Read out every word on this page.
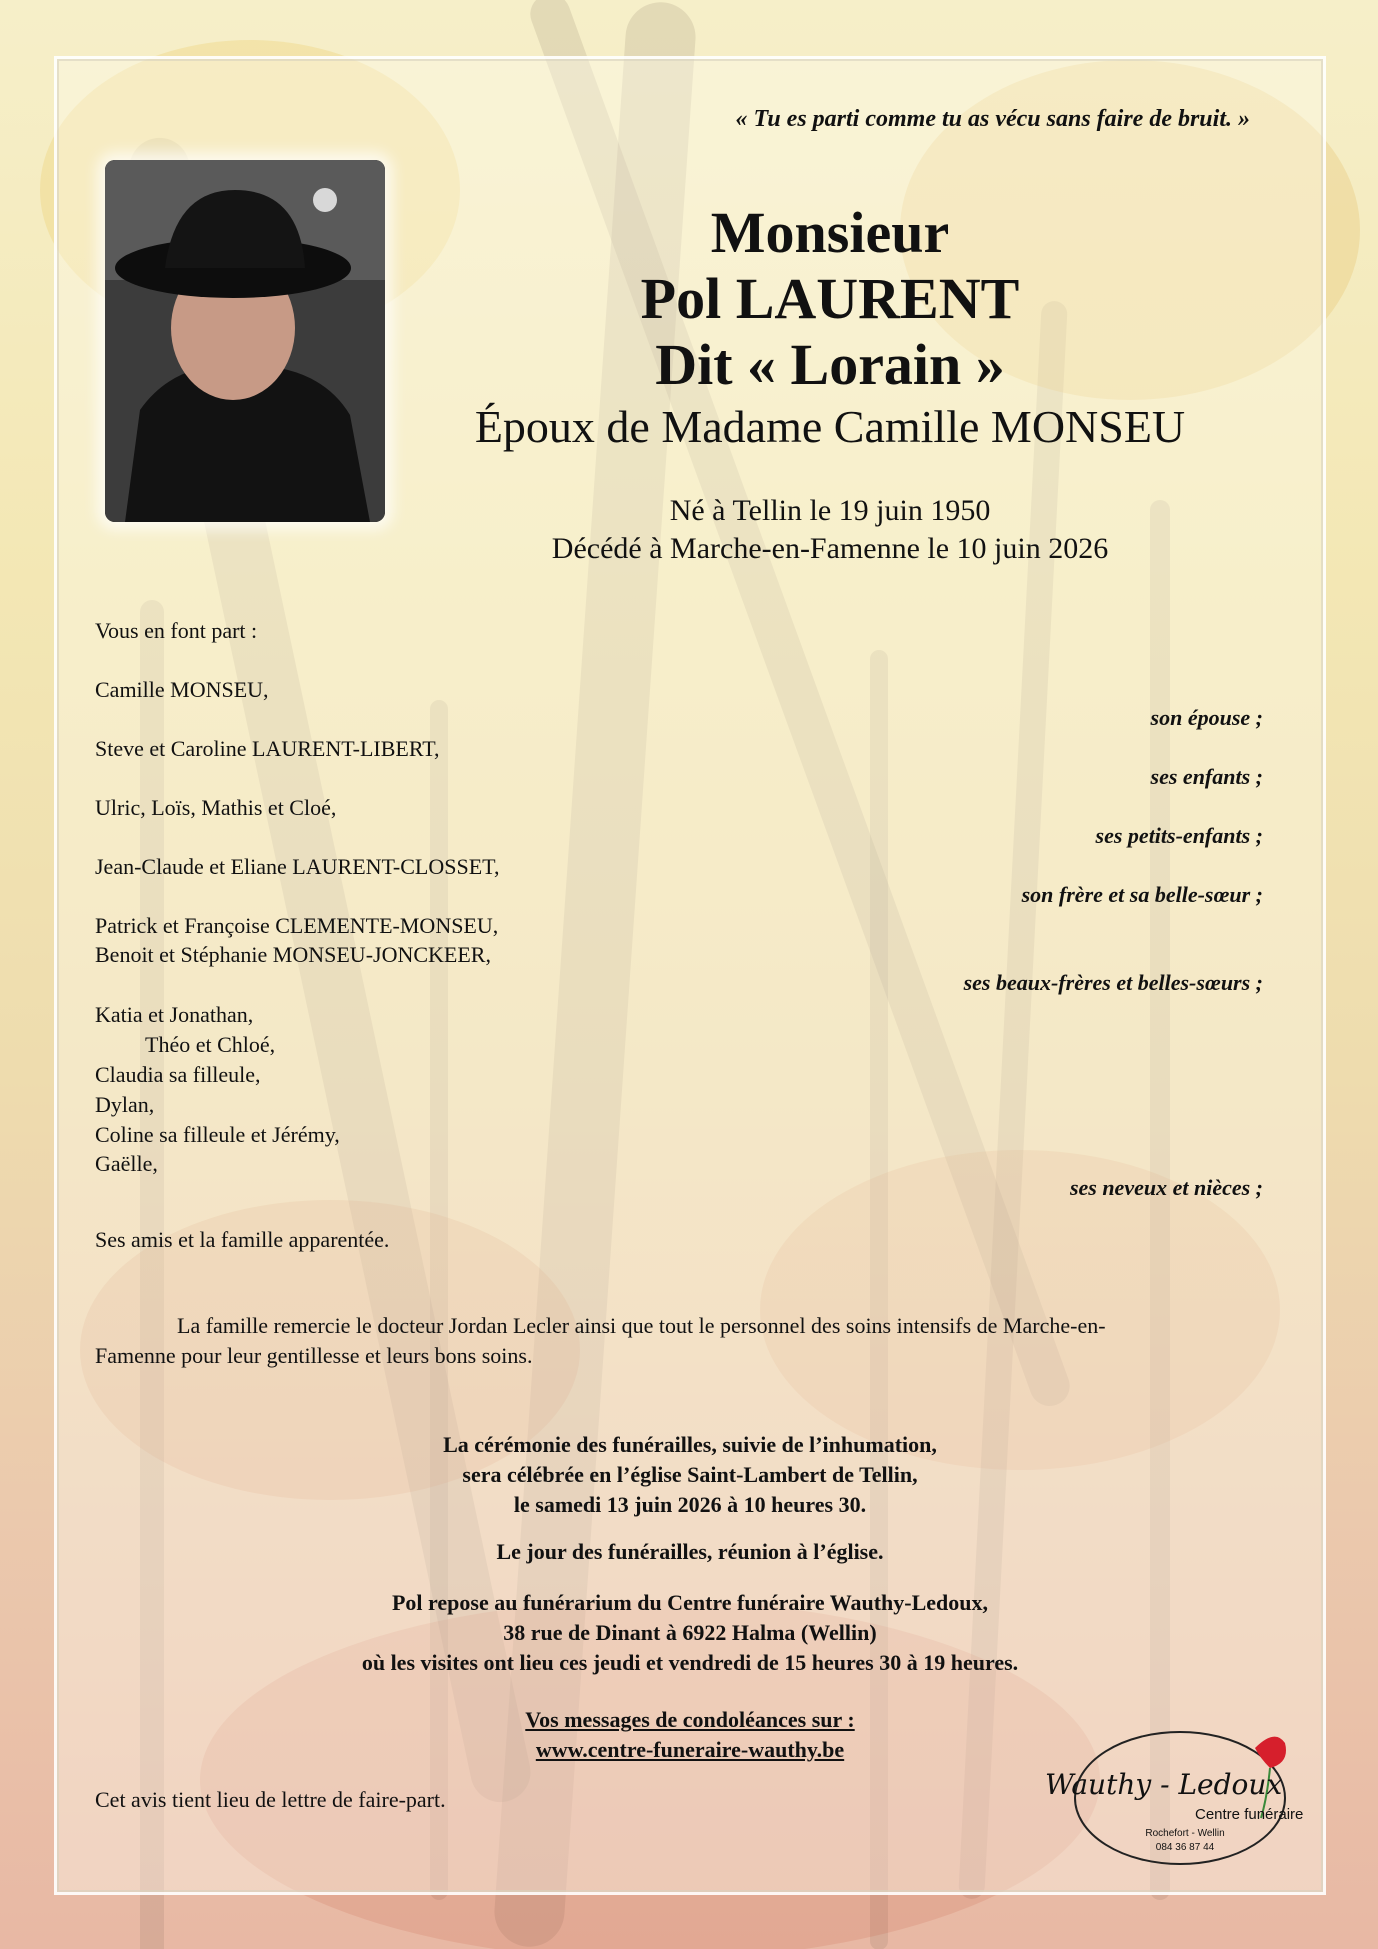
« Tu es parti comme tu as vécu sans faire de bruit. »
Monsieur
Pol LAURENT
Dit « Lorain »
Époux de Madame Camille MONSEU
Né à Tellin le 19 juin 1950
Décédé à Marche-en-Famenne le 10 juin 2026
Vous en font part :
Camille MONSEU,
Steve et Caroline LAURENT-LIBERT,
Ulric, Loïs, Mathis et Cloé,
Jean-Claude et Eliane LAURENT-CLOSSET,
Patrick et Françoise CLEMENTE-MONSEU,
Benoit et Stéphanie MONSEU-JONCKEER,
Katia et Jonathan,
Théo et Chloé,
Claudia sa filleule,
Dylan,
Coline sa filleule et Jérémy,
Gaëlle,
Ses amis et la famille apparentée.
son épouse ;
ses enfants ;
ses petits-enfants ;
son frère et sa belle-sœur ;
ses beaux-frères et belles-sœurs ;
ses neveux et nièces ;
La famille remercie le docteur Jordan Lecler ainsi que tout le personnel des soins intensifs de Marche-en-
Famenne pour leur gentillesse et leurs bons soins.
La cérémonie des funérailles, suivie de l’inhumation,
sera célébrée en l’église Saint-Lambert de Tellin,
le samedi 13 juin 2026 à 10 heures 30.
Le jour des funérailles, réunion à l’église.
Pol repose au funérarium du Centre funéraire Wauthy-Ledoux,
38 rue de Dinant à 6922 Halma (Wellin)
où les visites ont lieu ces jeudi et vendredi de 15 heures 30 à 19 heures.
Vos messages de condoléances sur :
www.centre-funeraire-wauthy.be
Cet avis tient lieu de lettre de faire-part.	Wauthy - Ledoux
Centre funéraire
Rochefort - Wellin
084 36 87 44
